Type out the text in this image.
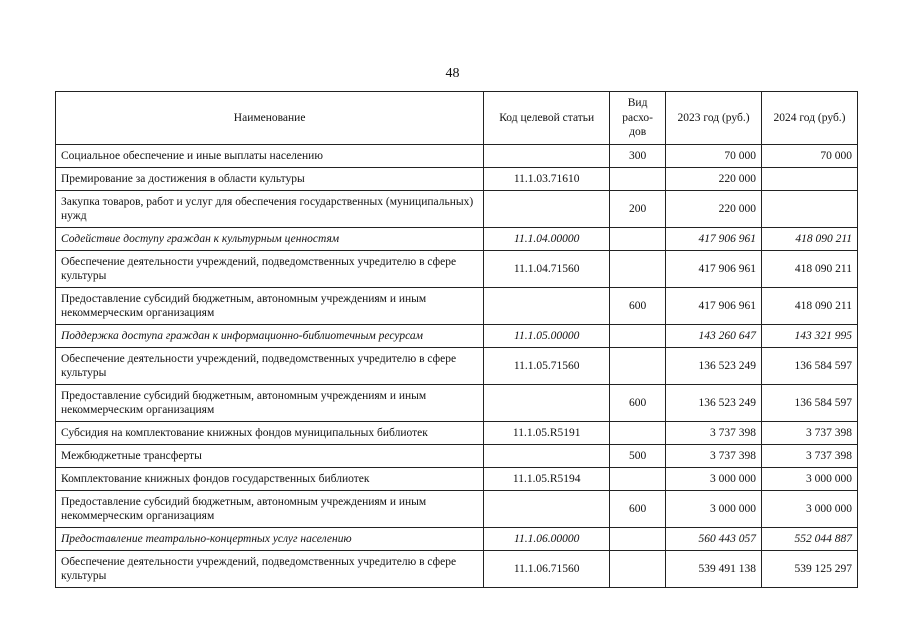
48
Наименование	Код целевой статьи	Вид расхо-дов	2023 год (руб.)	2024 год (руб.)
Социальное обеспечение и иные выплаты населению		300	70 000	70 000
Премирование за достижения в области культуры	11.1.03.71610		220 000	
Закупка товаров, работ и услуг для обеспечения государственных (муниципальных) нужд		200	220 000	
Содействие доступу граждан к культурным ценностям	11.1.04.00000		417 906 961	418 090 211
Обеспечение деятельности учреждений, подведомственных учредителю в сфере культуры	11.1.04.71560		417 906 961	418 090 211
Предоставление субсидий бюджетным, автономным учреждениям и иным некоммерческим организациям		600	417 906 961	418 090 211
Поддержка доступа граждан к информационно-библиотечным ресурсам	11.1.05.00000		143 260 647	143 321 995
Обеспечение деятельности учреждений, подведомственных учредителю в сфере культуры	11.1.05.71560		136 523 249	136 584 597
Предоставление субсидий бюджетным, автономным учреждениям и иным некоммерческим организациям		600	136 523 249	136 584 597
Субсидия на комплектование книжных фондов муниципальных библиотек	11.1.05.R5191		3 737 398	3 737 398
Межбюджетные трансферты		500	3 737 398	3 737 398
Комплектование книжных фондов государственных библиотек	11.1.05.R5194		3 000 000	3 000 000
Предоставление субсидий бюджетным, автономным учреждениям и иным некоммерческим организациям		600	3 000 000	3 000 000
Предоставление театрально-концертных услуг населению	11.1.06.00000		560 443 057	552 044 887
Обеспечение деятельности учреждений, подведомственных учредителю в сфере культуры	11.1.06.71560		539 491 138	539 125 297
